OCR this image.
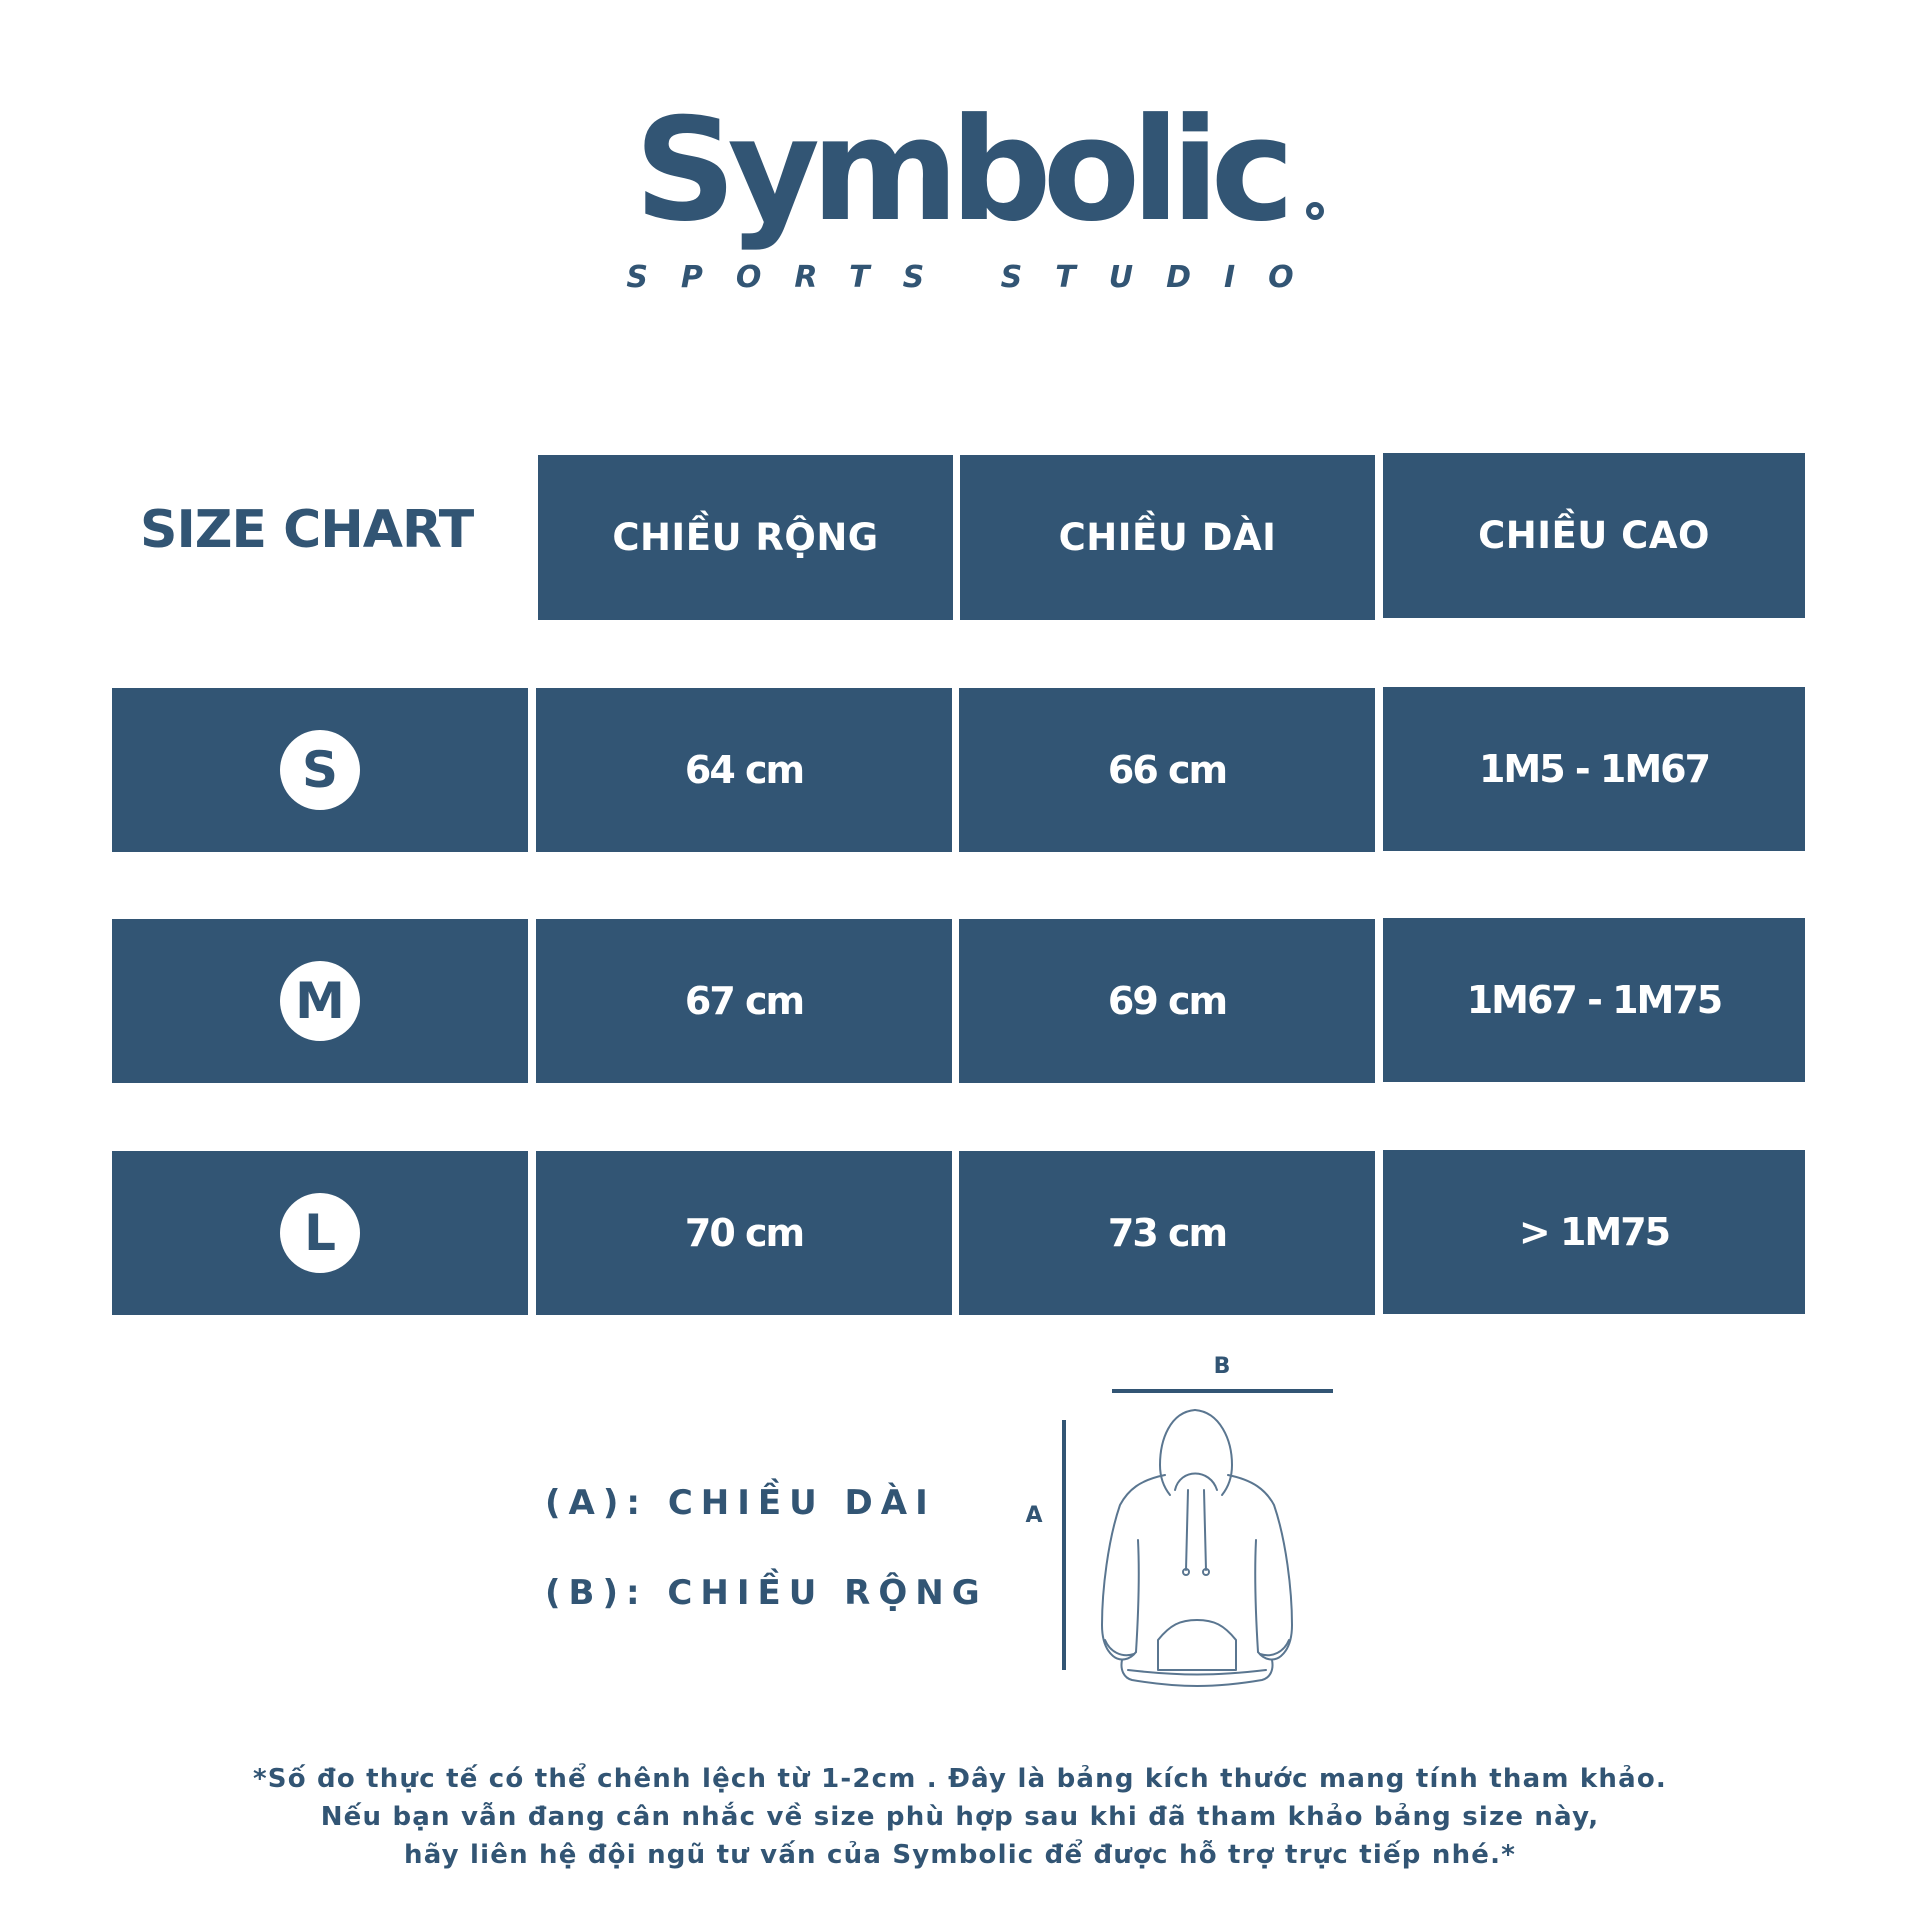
Symbolic
SPORTS STUDIO
SIZE CHART	CHIỀU RỘNG	CHIỀU DÀI	CHIỀU CAO
S	64 cm	66 cm	1M5 - 1M67
M	67 cm	69 cm	1M67 - 1M75
L	70 cm	73 cm	> 1M75
(A): CHIỀU DÀI
(B): CHIỀU RỘNG
B
A
*Số đo thực tế có thể chênh lệch từ 1-2cm . Đây là bảng kích thước mang tính tham khảo.
Nếu bạn vẫn đang cân nhắc về size phù hợp sau khi đã tham khảo bảng size này,
hãy liên hệ đội ngũ tư vấn của Symbolic để được hỗ trợ trực tiếp nhé.*
